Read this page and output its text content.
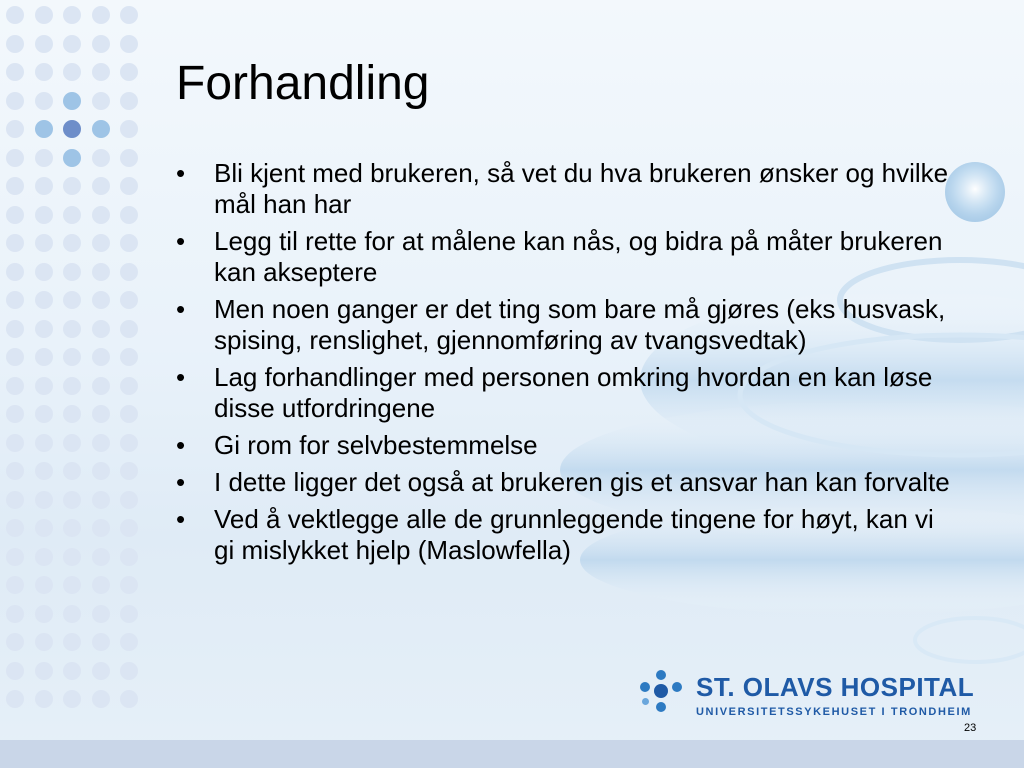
Forhandling
• Bli kjent med brukeren, så vet du hva brukeren ønsker og hvilke mål han har
• Legg til rette for at målene kan nås, og bidra på måter brukeren kan akseptere
• Men noen ganger er det ting som bare må gjøres (eks husvask, spising, renslighet, gjennomføring av tvangsvedtak)
• Lag forhandlinger med personen omkring hvordan en kan løse disse utfordringene
• Gi rom for selvbestemmelse
• I dette ligger det også at brukeren gis et ansvar han kan forvalte
• Ved å vektlegge alle de grunnleggende tingene for høyt, kan vi gi mislykket hjelp (Maslowfella)
ST. OLAVS HOSPITAL
UNIVERSITETSSYKEHUSET I TRONDHEIM
23
